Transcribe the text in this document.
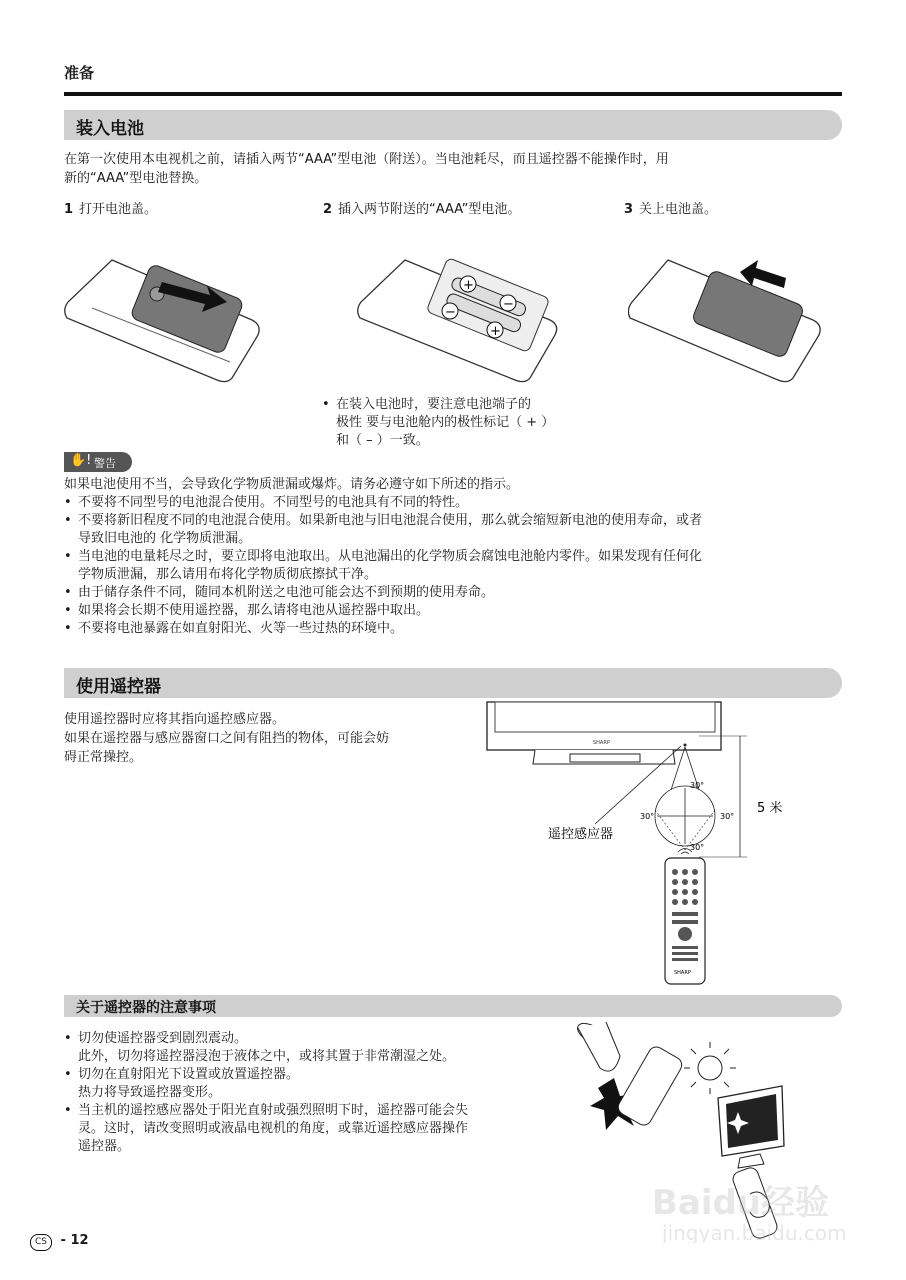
准备
装入电池
在第一次使用本电视机之前，请插入两节“AAA”型电池（附送）。当电池耗尽，而且遥控器不能操作时，用
新的“AAA”型电池替换。
1 打开电池盖。	2 插入两节附送的“AAA”型电池。	3 关上电池盖。
+
−
−
+
• 在装入电池时，要注意电池端子的
极性 要与电池舱内的极性标记（ + ）
和（ – ）一致。
✋! 警告
如果电池使用不当，会导致化学物质泄漏或爆炸。请务必遵守如下所述的指示。
• 不要将不同型号的电池混合使用。不同型号的电池具有不同的特性。
• 不要将新旧程度不同的电池混合使用。如果新电池与旧电池混合使用，那么就会缩短新电池的使用寿命，或者
导致旧电池的 化学物质泄漏。
• 当电池的电量耗尽之时，要立即将电池取出。从电池漏出的化学物质会腐蚀电池舱内零件。如果发现有任何化
学物质泄漏，那么请用布将化学物质彻底擦拭干净。
• 由于储存条件不同，随同本机附送之电池可能会达不到预期的使用寿命。
• 如果将会长期不使用遥控器，那么请将电池从遥控器中取出。
• 不要将电池暴露在如直射阳光、火等一些过热的环境中。
使用遥控器
使用遥控器时应将其指向遥控感应器。
如果在遥控器与感应器窗口之间有阻挡的物体，可能会妨
碍正常操控。
SHARP
30°
30°	30°
30°
遥控感应器
5 米
SHARP
关于遥控器的注意事项
• 切勿使遥控器受到剧烈震动。
此外，切勿将遥控器浸泡于液体之中，或将其置于非常潮湿之处。
• 切勿在直射阳光下设置或放置遥控器。
热力将导致遥控器变形。
• 当主机的遥控感应器处于阳光直射或强烈照明下时，遥控器可能会失
灵。这时，请改变照明或液晶电视机的角度，或靠近遥控感应器操作
遥控器。
Baidu经验
jingyan.baidu.com
CS - 12
